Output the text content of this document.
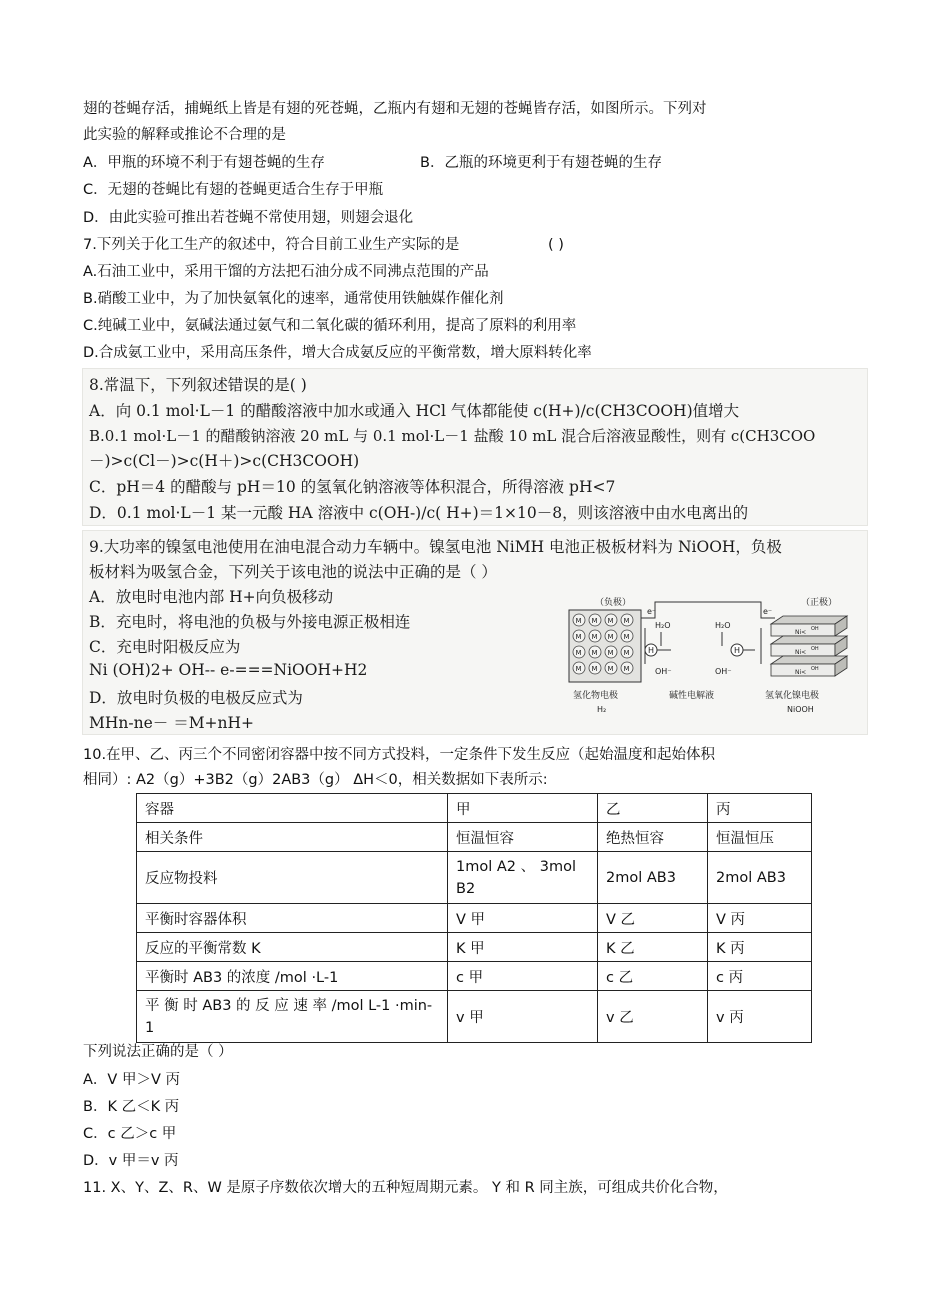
翅的苍蝇存活，捕蝇纸上皆是有翅的死苍蝇，乙瓶内有翅和无翅的苍蝇皆存活，如图所示。下列对
此实验的解释或推论不合理的是
A．甲瓶的环境不利于有翅苍蝇的生存	B．乙瓶的环境更利于有翅苍蝇的生存
C．无翅的苍蝇比有翅的苍蝇更适合生存于甲瓶
D．由此实验可推出若苍蝇不常使用翅，则翅会退化
7.下列关于化工生产的叙述中，符合目前工业生产实际的是	( )
A.石油工业中，采用干馏的方法把石油分成不同沸点范围的产品
B.硝酸工业中，为了加快氨氧化的速率，通常使用铁触媒作催化剂
C.纯碱工业中，氨碱法通过氨气和二氧化碳的循环利用，提高了原料的利用率
D.合成氨工业中，采用高压条件，增大合成氨反应的平衡常数，增大原料转化率
8.常温下，下列叙述错误的是( )
A．向 0.1 mol·L－1 的醋酸溶液中加水或通入 HCl 气体都能使 c(H+)/c(CH3COOH)值增大
B.0.1 mol·L－1 的醋酸钠溶液 20 mL 与 0.1 mol·L－1 盐酸 10 mL 混合后溶液显酸性，则有 c(CH3COO
－)>c(Cl－)>c(H＋)>c(CH3COOH)
C．pH＝4 的醋酸与 pH＝10 的氢氧化钠溶液等体积混合，所得溶液 pH<7
D．0.1 mol·L－1 某一元酸 HA 溶液中 c(OH-)/c( H+)＝1×10－8，则该溶液中由水电离出的
9.大功率的镍氢电池使用在油电混合动力车辆中。镍氢电池 NiMH 电池正极板材料为 NiOOH，负极
板材料为吸氢合金，下列关于该电池的说法中正确的是（ ）
A．放电时电池内部 H+向负极移动
B．充电时，将电池的负极与外接电源正极相连
C．充电时阳极反应为
Ni (OH)2+ OH-- e-===NiOOH+H2
D．放电时负极的电极反应式为
MHn-ne－ ＝M+nH+
（负极）	（正极）
M M M M
M M M M
M M M M
M M M M
e⁻	e⁻
H₂O
H
OH⁻
H₂O
H
OH⁻
Ni< OH
Ni< OH
Ni< OH
氢化物电极
H₂
碱性电解液	氢氧化镍电极
NiOOH
10.在甲、乙、丙三个不同密闭容器中按不同方式投料，一定条件下发生反应（起始温度和起始体积
相同）: A2（g）+3B2（g）2AB3（g） ΔH＜0，相关数据如下表所示:
容器	甲	乙	丙
相关条件	恒温恒容	绝热恒容	恒温恒压
反应物投料	1mol A2 、 3mol B2	2mol AB3	2mol AB3
平衡时容器体积	V 甲	V 乙	V 丙
反应的平衡常数 K	K 甲	K 乙	K 丙
平衡时 AB3 的浓度 /mol ·L-1	c 甲	c 乙	c 丙
平 衡 时 AB3 的 反 应 速 率 /mol L-1 ·min-1	v 甲	v 乙	v 丙
下列说法正确的是（ ）
A．V 甲＞V 丙
B．K 乙＜K 丙
C．c 乙＞c 甲
D．v 甲＝v 丙
11. X、Y、Z、R、W 是原子序数依次增大的五种短周期元素。 Y 和 R 同主族，可组成共价化合物，
